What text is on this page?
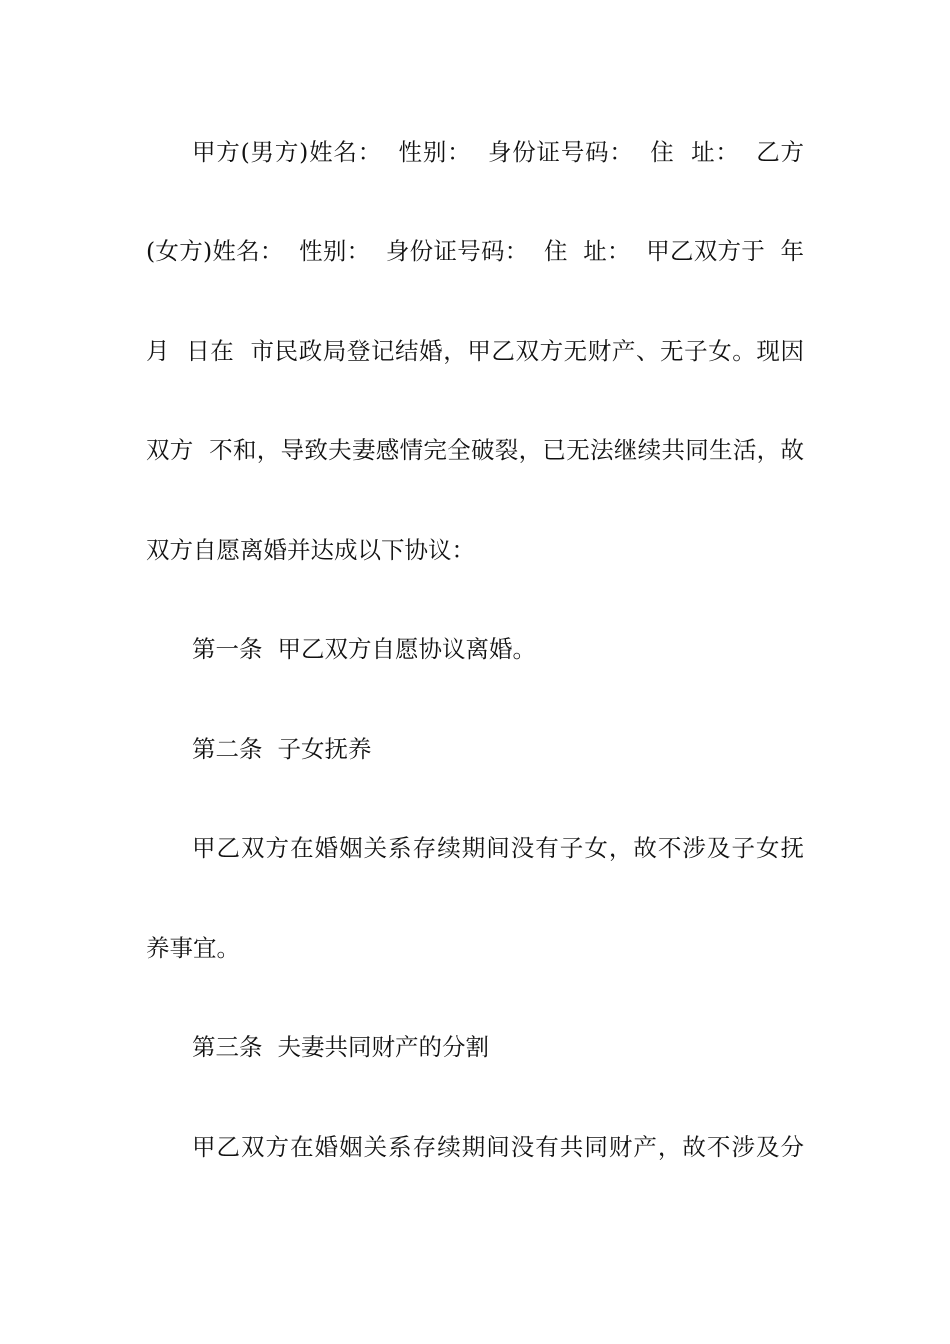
甲方(男方)姓名：  性别：  身份证号码：  住  址：  乙方
(女方)姓名：  性别：  身份证号码：  住  址：  甲乙双方于  年
月  日在  市民政局登记结婚，甲乙双方无财产、无子女。现因
双方  不和，导致夫妻感情完全破裂，已无法继续共同生活，故
双方自愿离婚并达成以下协议：
第一条  甲乙双方自愿协议离婚。
第二条  子女抚养
甲乙双方在婚姻关系存续期间没有子女，故不涉及子女抚
养事宜。
第三条  夫妻共同财产的分割
甲乙双方在婚姻关系存续期间没有共同财产，故不涉及分
